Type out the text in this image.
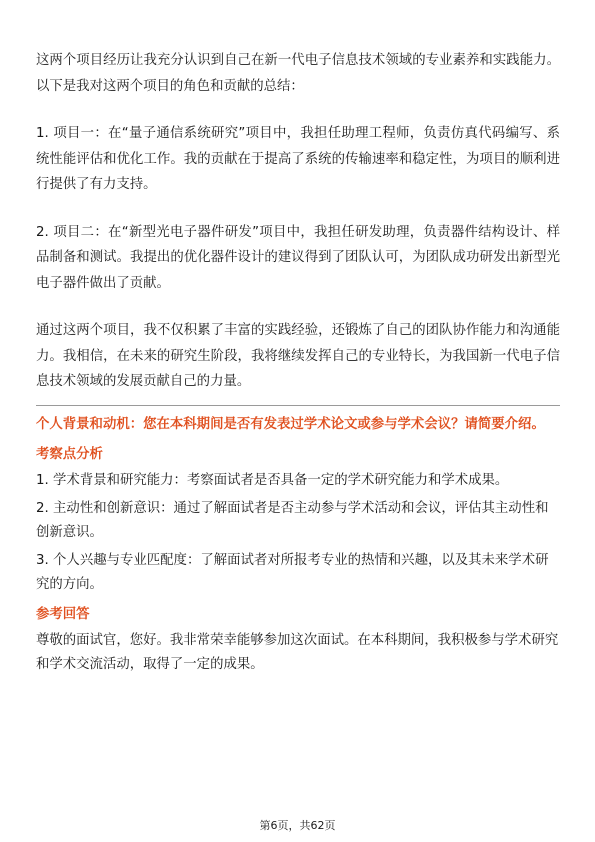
这两个项目经历让我充分认识到自己在新一代电子信息技术领域的专业素养和实践能力。以下是我对这两个项目的角色和贡献的总结：

1. 项目一：在“量子通信系统研究”项目中，我担任助理工程师，负责仿真代码编写、系统性能评估和优化工作。我的贡献在于提高了系统的传输速率和稳定性，为项目的顺利进行提供了有力支持。

2. 项目二：在“新型光电子器件研发”项目中，我担任研发助理，负责器件结构设计、样品制备和测试。我提出的优化器件设计的建议得到了团队认可，为团队成功研发出新型光电子器件做出了贡献。

通过这两个项目，我不仅积累了丰富的实践经验，还锻炼了自己的团队协作能力和沟通能力。我相信，在未来的研究生阶段，我将继续发挥自己的专业特长，为我国新一代电子信息技术领域的发展贡献自己的力量。

个人背景和动机：您在本科期间是否有发表过学术论文或参与学术会议？请简要介绍。
考察点分析
1. 学术背景和研究能力：考察面试者是否具备一定的学术研究能力和学术成果。
2. 主动性和创新意识：通过了解面试者是否主动参与学术活动和会议，评估其主动性和创新意识。
3. 个人兴趣与专业匹配度：了解面试者对所报考专业的热情和兴趣，以及其未来学术研究的方向。
参考回答
尊敬的面试官，您好。我非常荣幸能够参加这次面试。在本科期间，我积极参与学术研究和学术交流活动，取得了一定的成果。
第6页，共62页
